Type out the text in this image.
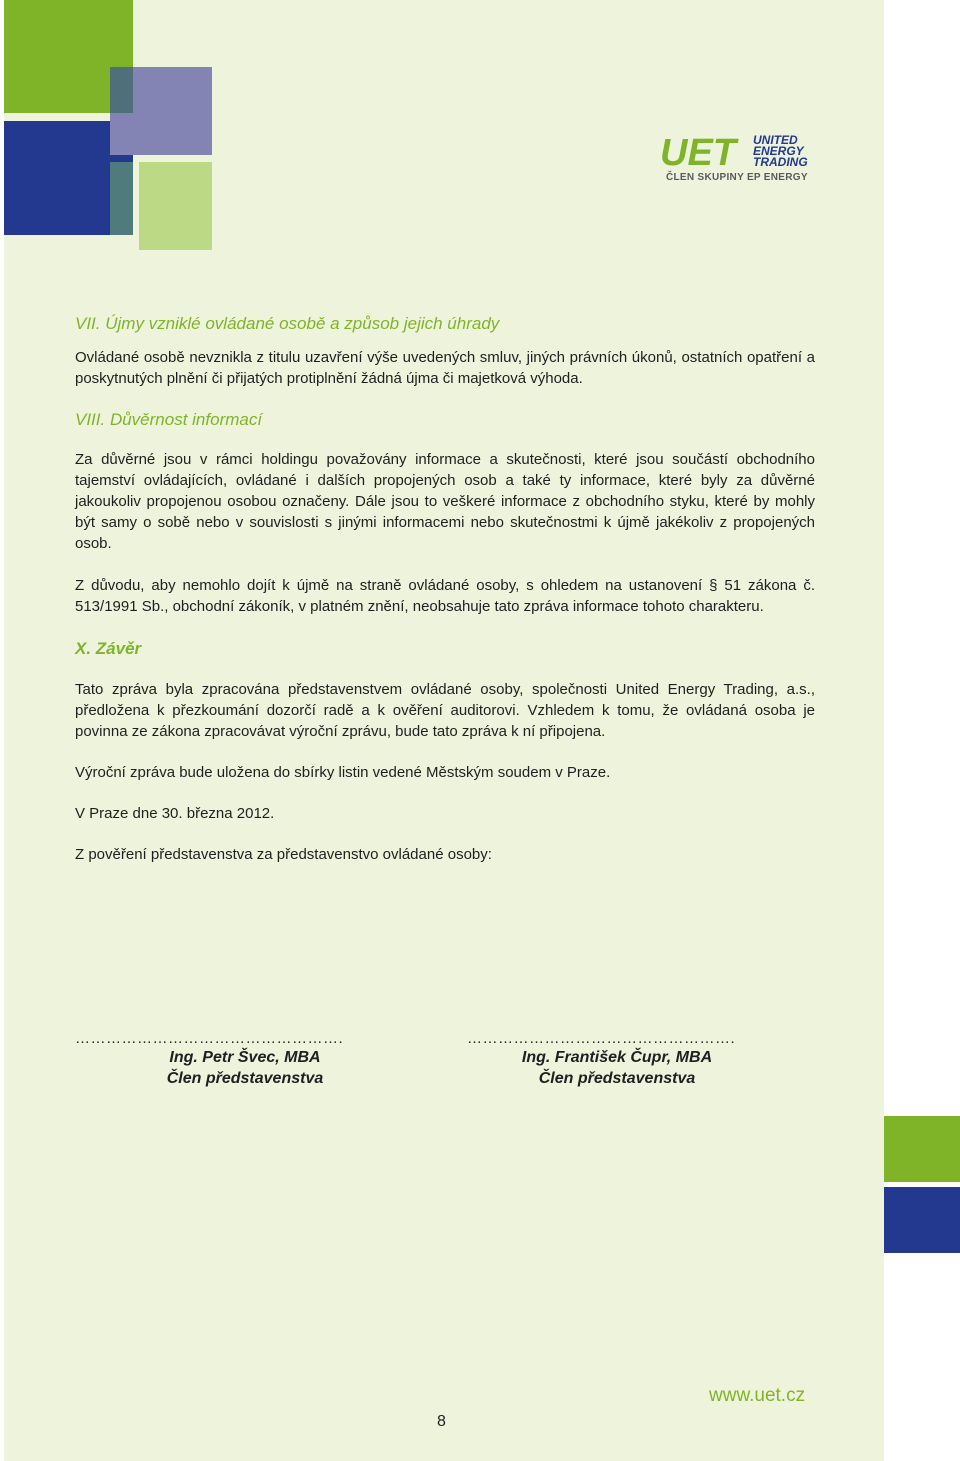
UET UNITED
ENERGY
TRADING
ČLEN SKUPINY EP ENERGY
VII. Újmy vzniklé ovládané osobě a způsob jejich úhrady

Ovládané osobě nevznikla z titulu uzavření výše uvedených smluv, jiných právních úkonů, ostatních opatření a poskytnutých plnění či přijatých protiplnění žádná újma či majetková výhoda.

VIII. Důvěrnost informací

Za důvěrné jsou v rámci holdingu považovány informace a skutečnosti, které jsou součástí obchodního tajemství ovládajících, ovládané i dalších propojených osob a také ty informace, které byly za důvěrné jakoukoliv propojenou osobou označeny. Dále jsou to veškeré informace z obchodního styku, které by mohly být samy o sobě nebo v souvislosti s jinými informacemi nebo skutečnostmi k újmě jakékoliv z propojených osob.

Z důvodu, aby nemohlo dojít k újmě na straně ovládané osoby, s ohledem na ustanovení § 51 zákona č. 513/1991 Sb., obchodní zákoník, v platném znění, neobsahuje tato zpráva informace tohoto charakteru.

X. Závěr

Tato zpráva byla zpracována představenstvem ovládané osoby, společnosti United Energy Trading, a.s., předložena k přezkoumání dozorčí radě a k ověření auditorovi. Vzhledem k tomu, že ovládaná osoba je povinna ze zákona zpracovávat výroční zprávu, bude tato zpráva k ní připojena.

Výroční zpráva bude uložena do sbírky listin vedené Městským soudem v Praze.

V Praze dne 30. března 2012.

Z pověření představenstva za představenstvo ovládané osoby:

…………………………………………….
Ing. Petr Švec, MBA
Člen představenstva
…………………………………………….
Ing. František Čupr, MBA
Člen představenstva
www.uet.cz
8
